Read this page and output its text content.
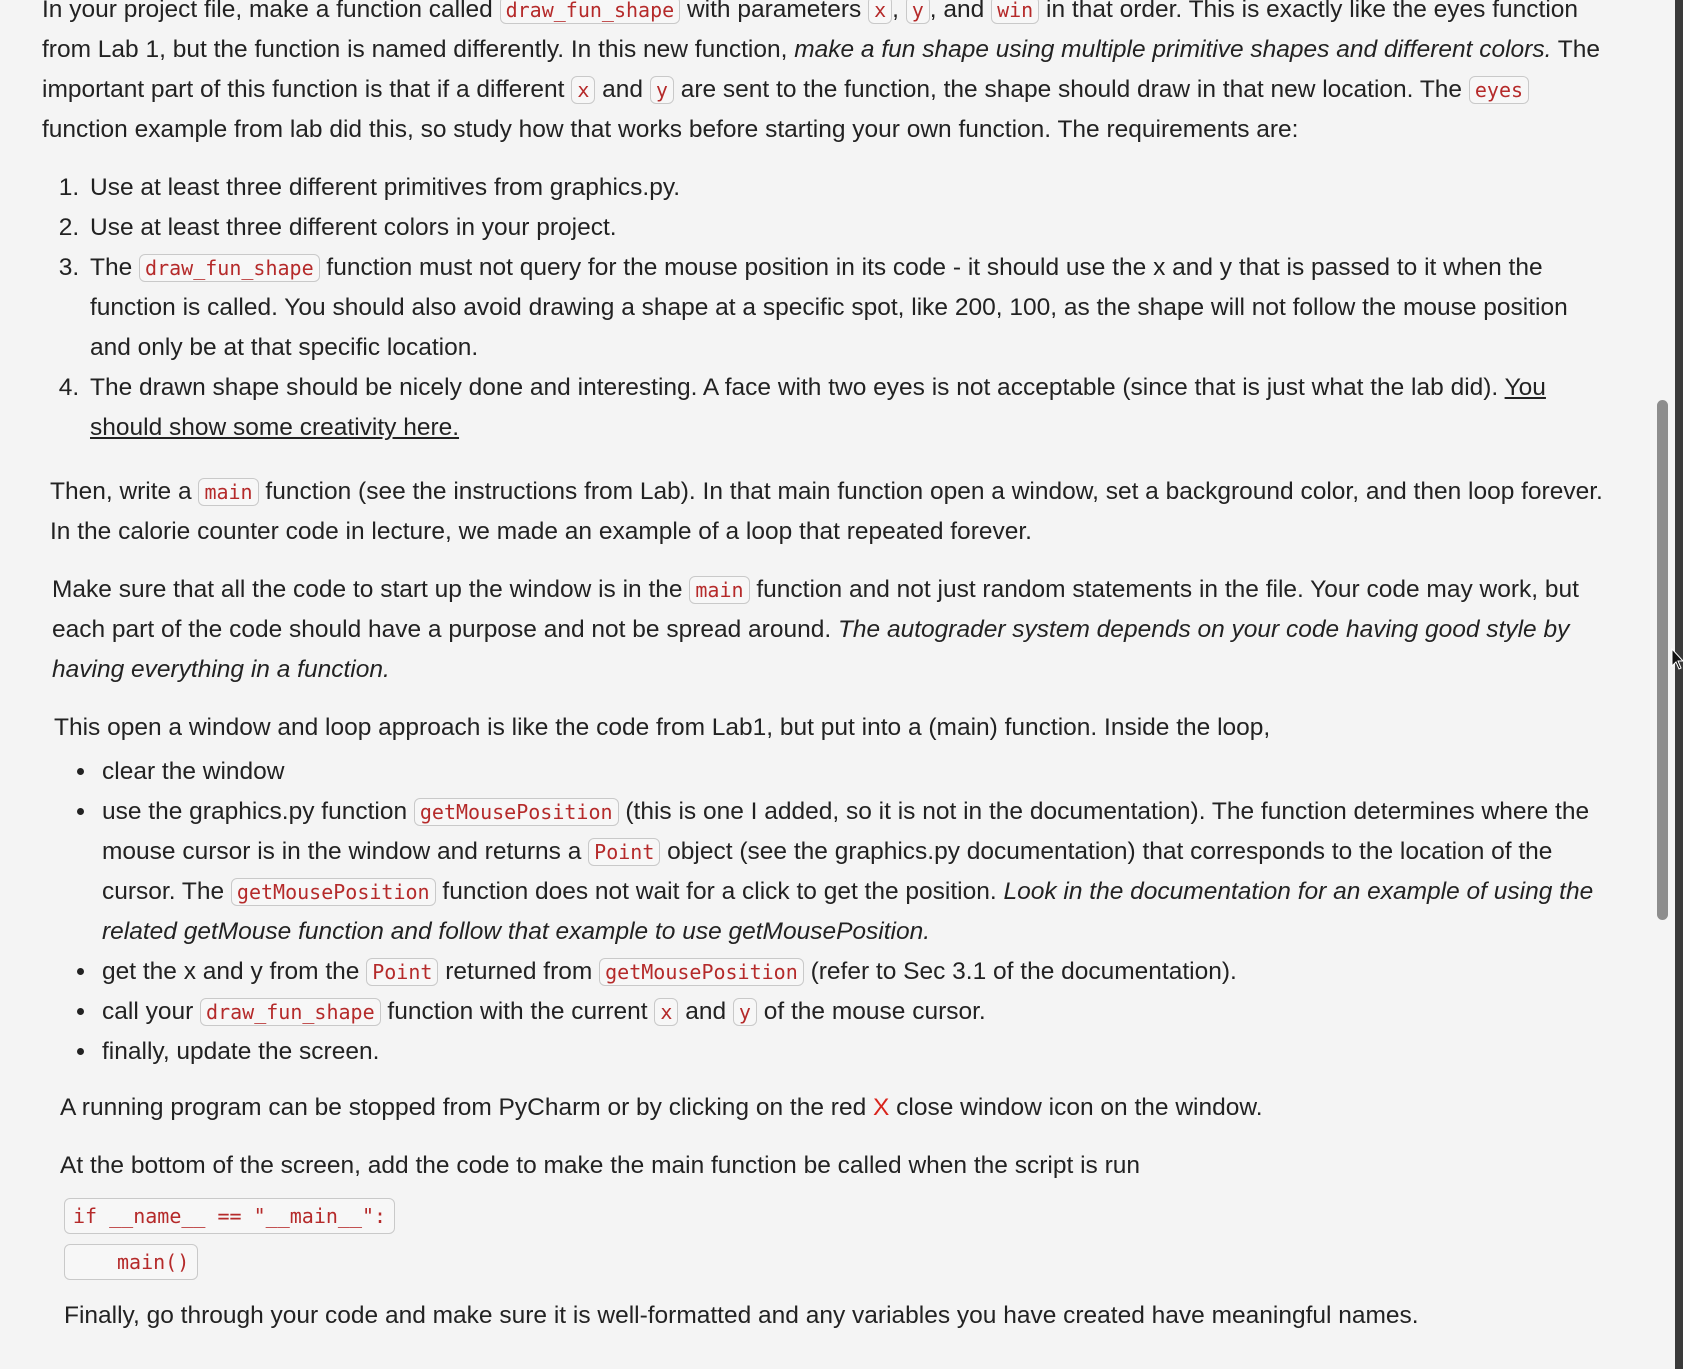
In your project file, make a function called draw_fun_shape with parameters x , y , and win in that order. This is exactly like the eyes function from Lab 1, but the function is named differently. In this new function, make a fun shape using multiple primitive shapes and different colors. The important part of this function is that if a different x and y are sent to the function, the shape should draw in that new location. The eyes function example from lab did this, so study how that works before starting your own function. The requirements are:

1. Use at least three different primitives from graphics.py.
2. Use at least three different colors in your project.
3. The draw_fun_shape function must not query for the mouse position in its code - it should use the x and y that is passed to it when the function is called. You should also avoid drawing a shape at a specific spot, like 200, 100, as the shape will not follow the mouse position and only be at that specific location.
4. The drawn shape should be nicely done and interesting. A face with two eyes is not acceptable (since that is just what the lab did). You should show some creativity here.

Then, write a main function (see the instructions from Lab). In that main function open a window, set a background color, and then loop forever. In the calorie counter code in lecture, we made an example of a loop that repeated forever.

Make sure that all the code to start up the window is in the main function and not just random statements in the file. Your code may work, but each part of the code should have a purpose and not be spread around. The autograder system depends on your code having good style by having everything in a function.

This open a window and loop approach is like the code from Lab1, but put into a (main) function. Inside the loop,

• clear the window
• use the graphics.py function getMousePosition (this is one I added, so it is not in the documentation). The function determines where the mouse cursor is in the window and returns a Point object (see the graphics.py documentation) that corresponds to the location of the cursor. The getMousePosition function does not wait for a click to get the position. Look in the documentation for an example of using the related getMouse function and follow that example to use getMousePosition.
• get the x and y from the Point returned from getMousePosition (refer to Sec 3.1 of the documentation).
• call your draw_fun_shape function with the current x and y of the mouse cursor.
• finally, update the screen.

A running program can be stopped from PyCharm or by clicking on the red X close window icon on the window.

At the bottom of the screen, add the code to make the main function be called when the script is run

if __name__ == "__main__":
main()

Finally, go through your code and make sure it is well-formatted and any variables you have created have meaningful names.
